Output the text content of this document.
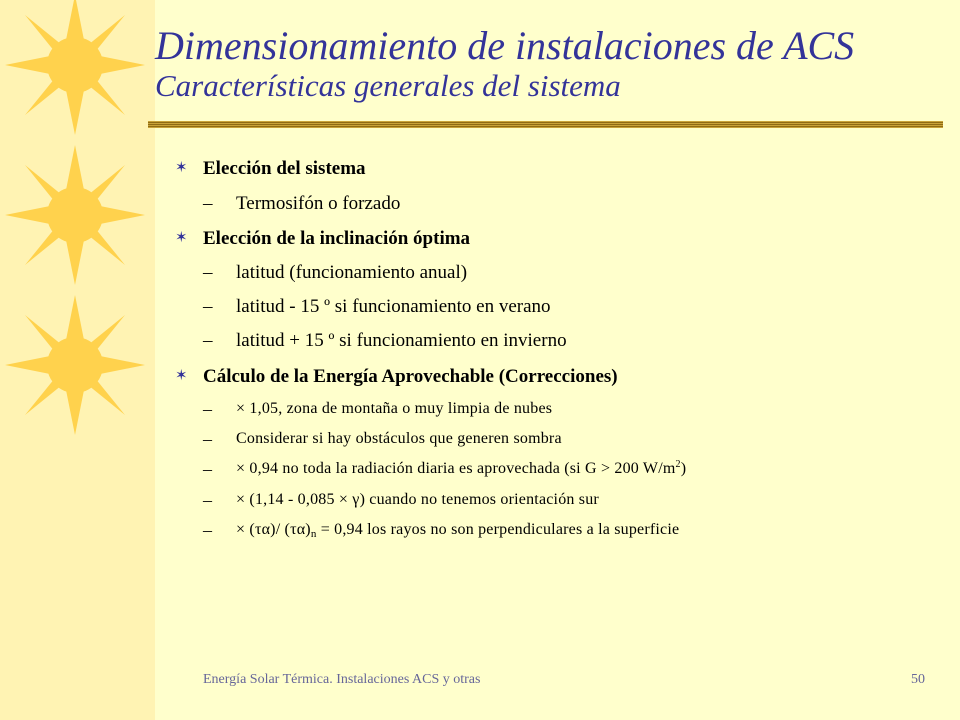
Dimensionamiento de instalaciones de ACS
Características generales del sistema
✶ Elección del sistema
– Termosifón o forzado
✶ Elección de la inclinación óptima
– latitud (funcionamiento anual)
– latitud - 15 º si funcionamiento en verano
– latitud + 15 º si funcionamiento en invierno
✶ Cálculo de la Energía Aprovechable (Correcciones)
– × 1,05, zona de montaña o muy limpia de nubes
– Considerar si hay obstáculos que generen sombra
– × 0,94 no toda la radiación diaria es aprovechada (si G > 200 $W/m^2$)
– × (1,14 - 0,085 × γ) cuando no tenemos orientación sur
– × (τα)/ $(\tau\alpha)_n = 0,94$ los rayos no son perpendiculares a la superficie
Energía Solar Térmica. Instalaciones ACS y otras	50
